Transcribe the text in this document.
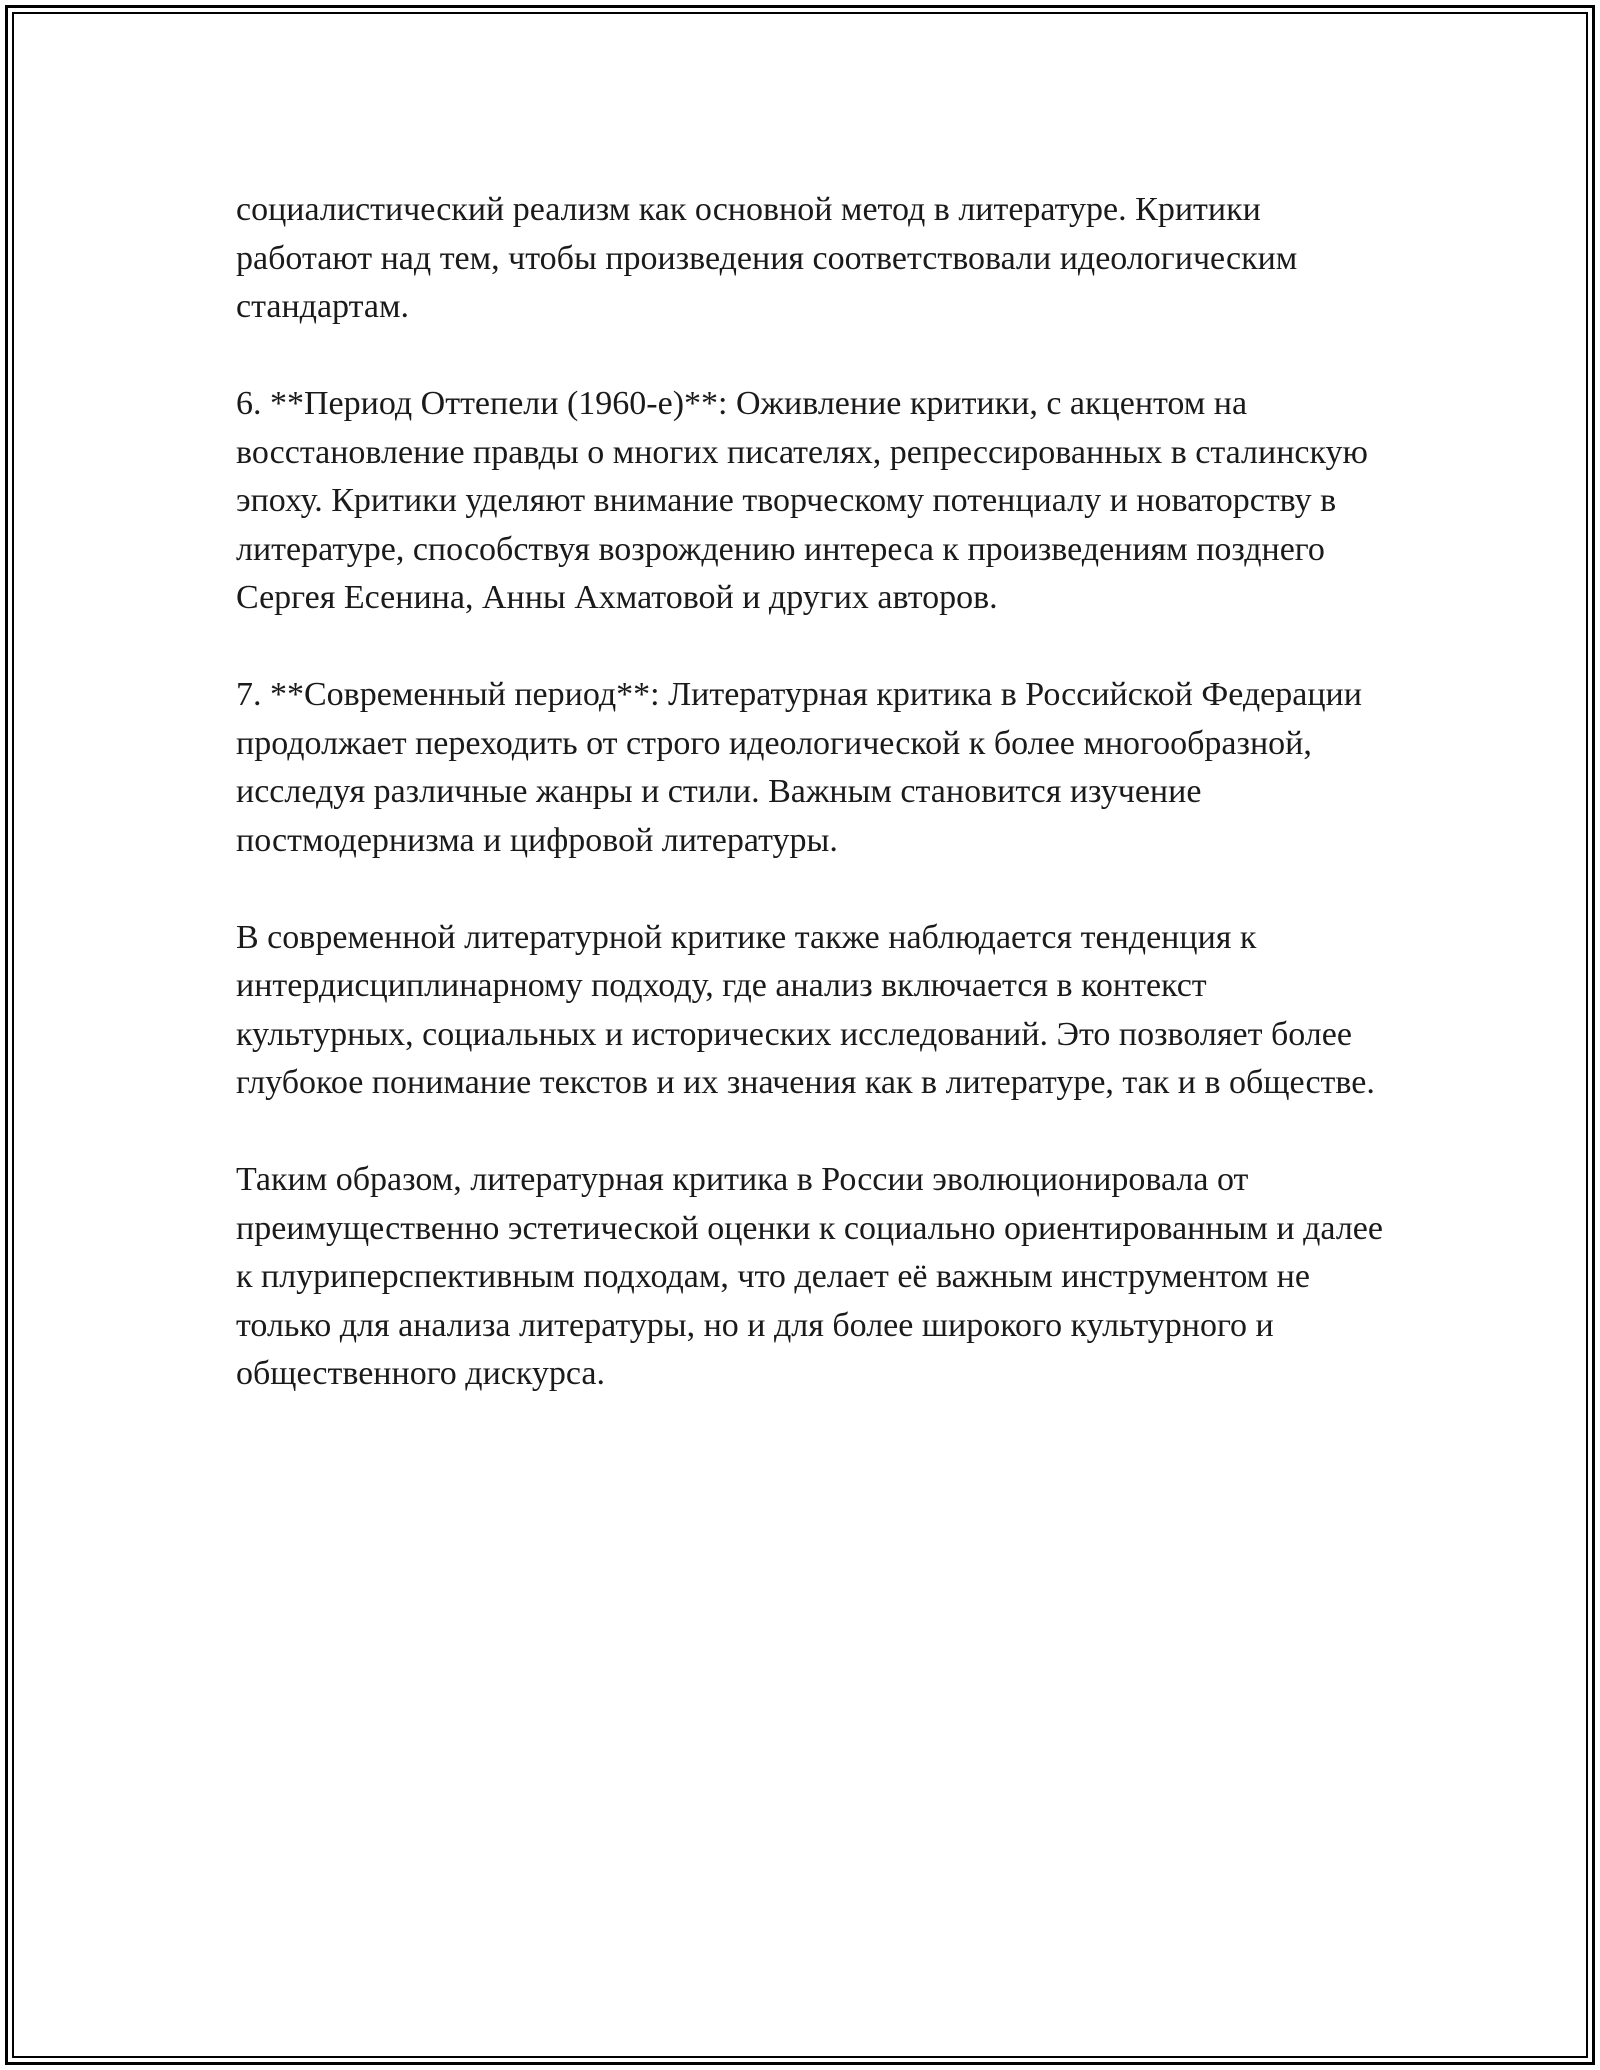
социалистический реализм как основной метод в литературе. Критики работают над тем, чтобы произведения соответствовали идеологическим стандартам.

6. **Период Оттепели (1960-е)**: Оживление критики, с акцентом на восстановление правды о многих писателях, репрессированных в сталинскую эпоху. Критики уделяют внимание творческому потенциалу и новаторству в литературе, способствуя возрождению интереса к произведениям позднего Сергея Есенина, Анны Ахматовой и других авторов.

7. **Современный период**: Литературная критика в Российской Федерации продолжает переходить от строго идеологической к более многообразной, исследуя различные жанры и стили. Важным становится изучение постмодернизма и цифровой литературы.

В современной литературной критике также наблюдается тенденция к интердисциплинарному подходу, где анализ включается в контекст культурных, социальных и исторических исследований. Это позволяет более глубокое понимание текстов и их значения как в литературе, так и в обществе.

Таким образом, литературная критика в России эволюционировала от преимущественно эстетической оценки к социально ориентированным и далее к плуриперспективным подходам, что делает её важным инструментом не только для анализа литературы, но и для более широкого культурного и общественного дискурса.
